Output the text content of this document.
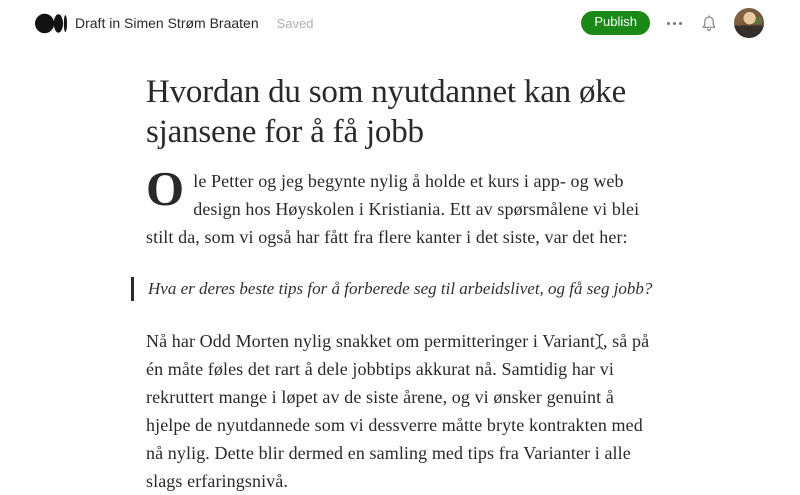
Draft in Simen Strøm Braaten Saved	Publish
Hvordan du som nyutdannet kan øke sjansene for å få jobb

Ole Petter og jeg begynte nylig å holde et kurs i app- og web design hos Høyskolen i Kristiania. Ett av spørsmålene vi blei stilt da, som vi også har fått fra flere kanter i det siste, var det her:

Hva er deres beste tips for å forberede seg til arbeidslivet, og få seg jobb?

Nå har Odd Morten nylig snakket om permitteringer i Variant , så på én måte føles det rart å dele jobbtips akkurat nå. Samtidig har vi rekruttert mange i løpet av de siste årene, og vi ønsker genuint å hjelpe de nyutdannede som vi dessverre måtte bryte kontrakten med nå nylig. Dette blir dermed en samling med tips fra Varianter i alle slags erfaringsnivå.
